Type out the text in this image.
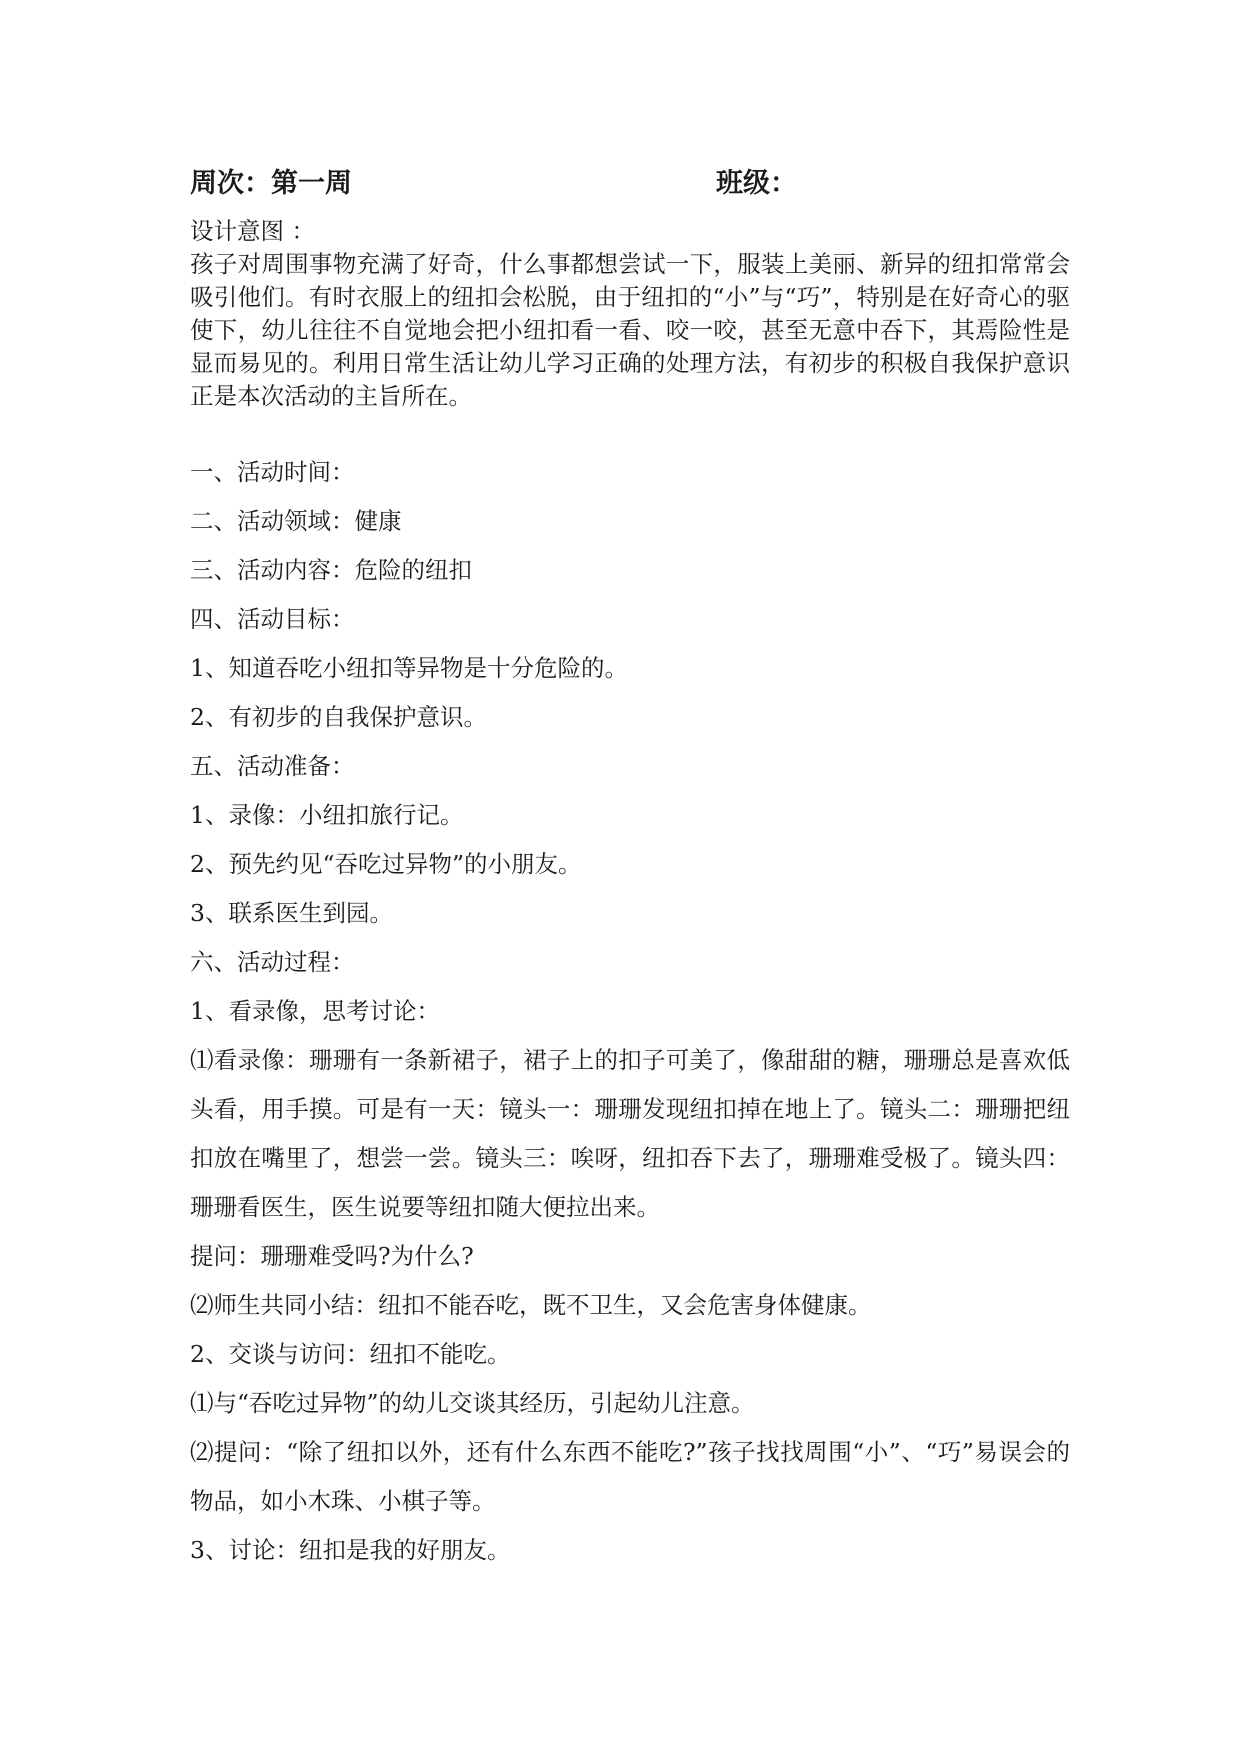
周次：第一周	班级：
设计意图 ：
孩子对周围事物充满了好奇，什么事都想尝试一下，服装上美丽、新异的纽扣常常会吸引他们。有时衣服上的纽扣会松脱，由于纽扣的“小”与“巧”，特别是在好奇心的驱使下，幼儿往往不自觉地会把小纽扣看一看、咬一咬，甚至无意中吞下，其焉险性是显而易见的。利用日常生活让幼儿学习正确的处理方法，有初步的积极自我保护意识正是本次活动的主旨所在。
一、活动时间：
二、活动领域：健康
三、活动内容：危险的纽扣
四、活动目标：
1、知道吞吃小纽扣等异物是十分危险的。
2、有初步的自我保护意识。
五、活动准备：
1、录像：小纽扣旅行记。
2、预先约见“吞吃过异物”的小朋友。
3、联系医生到园。
六、活动过程：
1、看录像，思考讨论：
⑴看录像：珊珊有一条新裙子，裙子上的扣子可美了，像甜甜的糖，珊珊总是喜欢低头看，用手摸。可是有一天：镜头一：珊珊发现纽扣掉在地上了。镜头二：珊珊把纽扣放在嘴里了，想尝一尝。镜头三：唉呀，纽扣吞下去了，珊珊难受极了。镜头四：珊珊看医生，医生说要等纽扣随大便拉出来。
提问：珊珊难受吗?为什么?
⑵师生共同小结：纽扣不能吞吃，既不卫生，又会危害身体健康。
2、交谈与访问：纽扣不能吃。
⑴与“吞吃过异物”的幼儿交谈其经历，引起幼儿注意。
⑵提问：“除了纽扣以外，还有什么东西不能吃?”孩子找找周围“小”、“巧”易误会的物品，如小木珠、小棋子等。
3、讨论：纽扣是我的好朋友。
